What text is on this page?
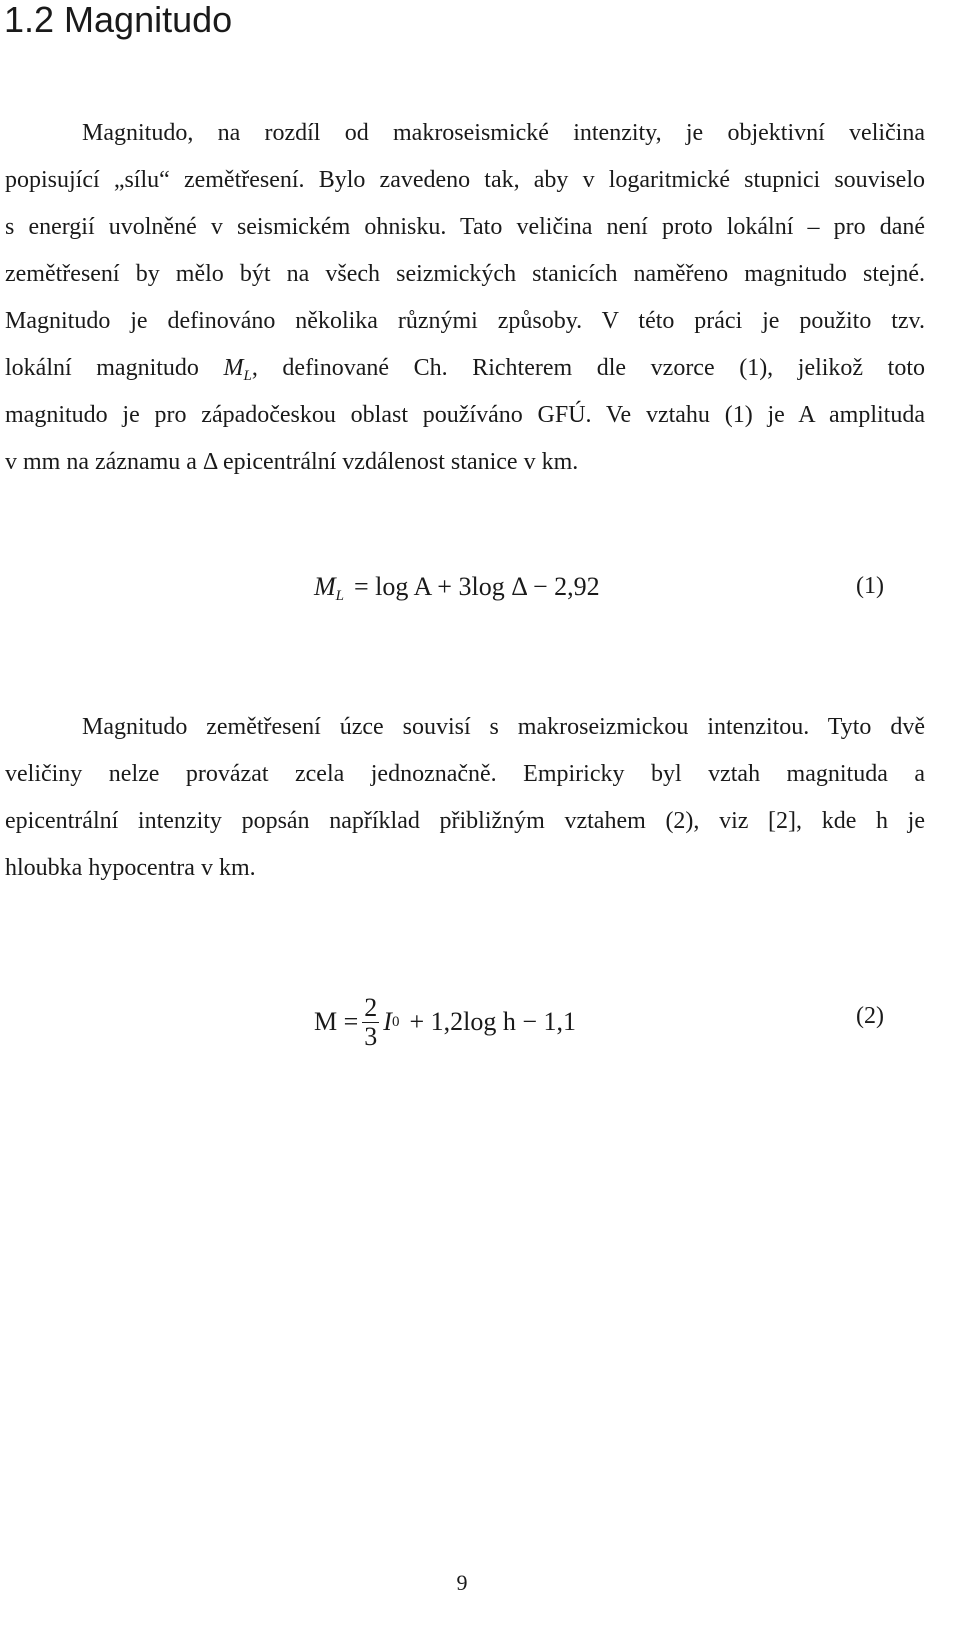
1.2 Magnitudo
Magnitudo, na rozdíl od makroseismické intenzity, je objektivní veličina
popisující „sílu“ zemětřesení. Bylo zavedeno tak, aby v logaritmické stupnici souviselo
s energií uvolněné v seismickém ohnisku. Tato veličina není proto lokální – pro dané
zemětřesení by mělo být na všech seizmických stanicích naměřeno magnitudo stejné.
Magnitudo je definováno několika různými způsoby. V této práci je použito tzv.
lokální magnitudo $M_L$, definované Ch. Richterem dle vzorce (1), jelikož toto
magnitudo je pro západočeskou oblast používáno GFÚ. Ve vztahu (1) je A amplituda
v mm na záznamu a Δ epicentrální vzdálenost stanice v km.
$M_L = \log A + 3\log$ Δ − 2,92	(1)
Magnitudo zemětřesení úzce souvisí s makroseizmickou intenzitou. Tyto dvě
veličiny nelze provázat zcela jednoznačně. Empiricky byl vztah magnituda a
epicentrální intenzity popsán například přibližným vztahem (2), viz [2], kde h je
hloubka hypocentra v km.
$M = \frac{2}{3}$ I 0 + 1,2log h − 1,1	(2)
9
